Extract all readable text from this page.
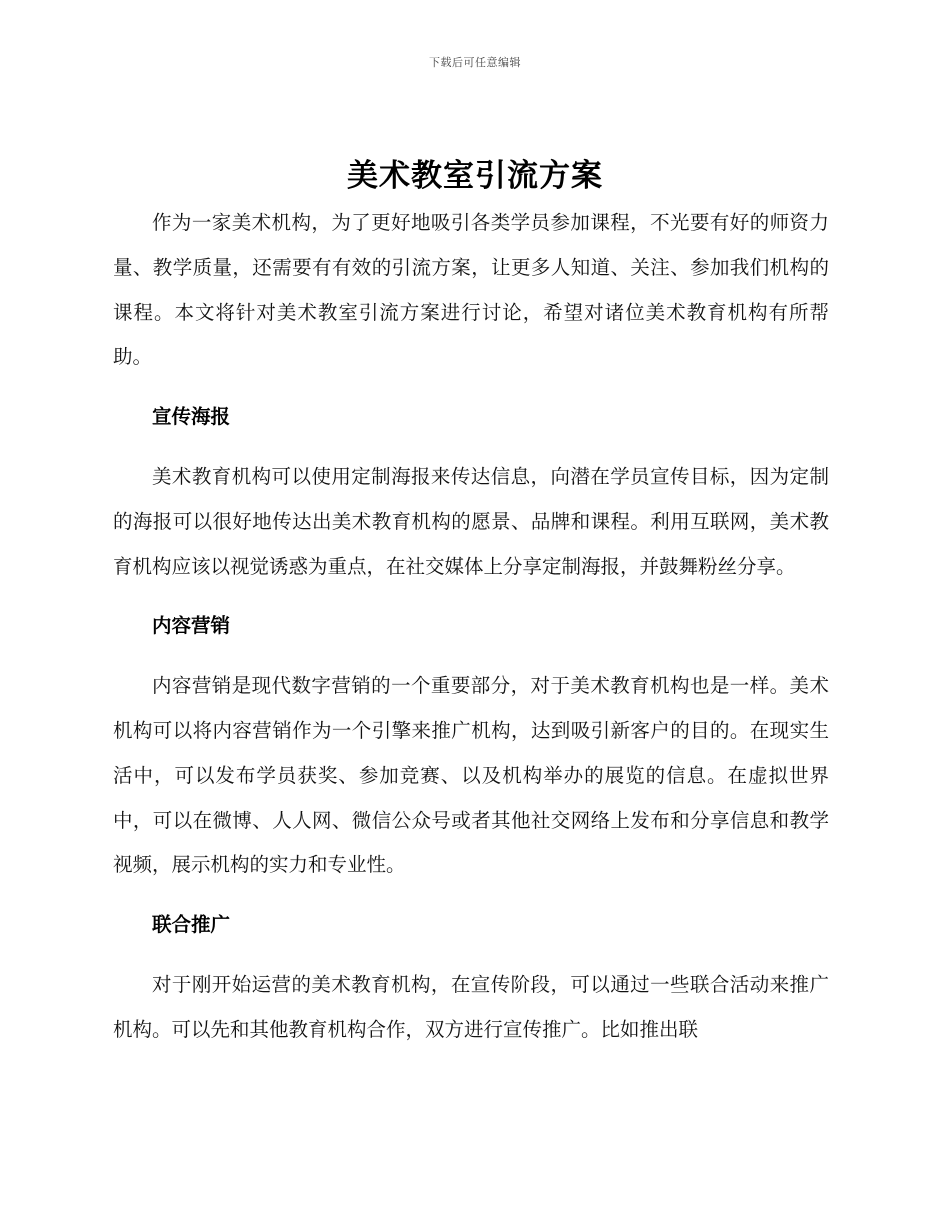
下载后可任意编辑
美术教室引流方案

作为一家美术机构，为了更好地吸引各类学员参加课程，不光要有好的师资力量、教学质量，还需要有有效的引流方案，让更多人知道、关注、参加我们机构的课程。本文将针对美术教室引流方案进行讨论，希望对诸位美术教育机构有所帮助。

宣传海报

美术教育机构可以使用定制海报来传达信息，向潜在学员宣传目标，因为定制的海报可以很好地传达出美术教育机构的愿景、品牌和课程。利用互联网，美术教育机构应该以视觉诱惑为重点，在社交媒体上分享定制海报，并鼓舞粉丝分享。

内容营销

内容营销是现代数字营销的一个重要部分，对于美术教育机构也是一样。美术机构可以将内容营销作为一个引擎来推广机构，达到吸引新客户的目的。在现实生活中，可以发布学员获奖、参加竞赛、以及机构举办的展览的信息。在虚拟世界中，可以在微博、人人网、微信公众号或者其他社交网络上发布和分享信息和教学视频，展示机构的实力和专业性。

联合推广

对于刚开始运营的美术教育机构，在宣传阶段，可以通过一些联合活动来推广机构。可以先和其他教育机构合作，双方进行宣传推广。比如推出联
